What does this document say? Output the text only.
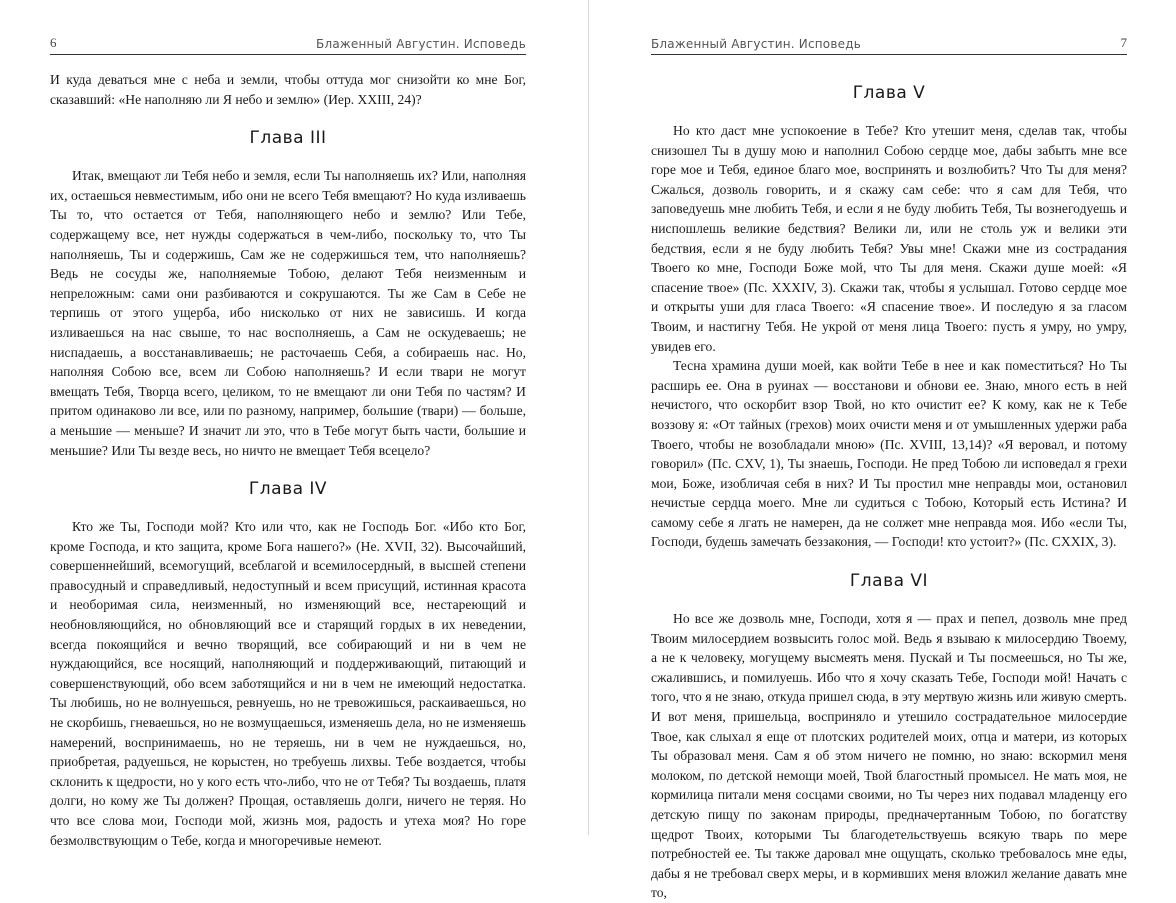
6	Блаженный Августин. Исповедь

И куда деваться мне с неба и земли, чтобы оттуда мог снизойти ко мне Бог, сказавший: «Не наполняю ли Я небо и землю» (Иер. XXIII, 24)?

Глава III

Итак, вмещают ли Тебя небо и земля, если Ты наполняешь их? Или, наполняя их, остаешься невместимым, ибо они не всего Тебя вмещают? Но куда изливаешь Ты то, что остается от Тебя, наполняющего небо и землю? Или Тебе, содержащему все, нет нужды содержаться в чем-либо, поскольку то, что Ты наполняешь, Ты и содержишь, Сам же не содержишься тем, что наполняешь? Ведь не сосуды же, наполняемые Тобою, делают Тебя неизменным и непреложным: сами они разбиваются и сокрушаются. Ты же Сам в Себе не терпишь от этого ущерба, ибо нисколько от них не зависишь. И когда изливаешься на нас свыше, то нас восполняешь, а Сам не оскудеваешь; не ниспадаешь, а восстанавливаешь; не расточаешь Себя, а собираешь нас. Но, наполняя Собою все, всем ли Собою наполняешь? И если твари не могут вмещать Тебя, Творца всего, целиком, то не вмещают ли они Тебя по частям? И притом одинаково ли все, или по разному, например, большие (твари) — больше, а меньшие — меньше? И значит ли это, что в Тебе могут быть части, большие и меньшие? Или Ты везде весь, но ничто не вмещает Тебя всецело?

Глава IV

Кто же Ты, Господи мой? Кто или что, как не Господь Бог. «Ибо кто Бог, кроме Господа, и кто защита, кроме Бога нашего?» (Нe. XVII, 32). Высочайший, совершеннейший, всемогущий, всеблагой и всемилосердный, в высшей степени правосудный и справедливый, недоступный и всем присущий, истинная красота и необоримая сила, неизменный, но изменяющий все, нестареющий и необновляющийся, но обновляющий все и старящий гордых в их неведении, всегда покоящийся и вечно творящий, все собирающий и ни в чем не нуждающийся, все носящий, наполняющий и поддерживающий, питающий и совершенствующий, обо всем заботящийся и ни в чем не имеющий недостатка. Ты любишь, но не волнуешься, ревнуешь, но не тревожишься, раскаиваешься, но не скорбишь, гневаешься, но не возмущаешься, изменяешь дела, но не изменяешь намерений, воспринимаешь, но не теряешь, ни в чем не нуждаешься, но, приобретая, радуешься, не корыстен, но требуешь лихвы. Тебе воздается, чтобы склонить к щедрости, но у кого есть что-либо, что не от Тебя? Ты воздаешь, платя долги, но кому же Ты должен? Прощая, оставляешь долги, ничего не теряя. Но что все слова мои, Господи мой, жизнь моя, радость и утеха моя? Но горе безмолвствующим о Тебе, когда и многоречивые немеют.

Блаженный Августин. Исповедь	7
Глава V

Но кто даст мне успокоение в Тебе? Кто утешит меня, сделав так, чтобы снизошел Ты в душу мою и наполнил Собою сердце мое, дабы забыть мне все горе мое и Тебя, единое благо мое, воспринять и возлюбить? Что Ты для меня? Сжалься, дозволь говорить, и я скажу сам себе: что я сам для Тебя, что заповедуешь мне любить Тебя, и если я не буду любить Тебя, Ты вознегодуешь и ниспошлешь великие бедствия? Велики ли, или не столь уж и велики эти бедствия, если я не буду любить Тебя? Увы мне! Скажи мне из сострадания Твоего ко мне, Господи Боже мой, что Ты для меня. Скажи душе моей: «Я спасение твое» (Пс. XXXIV, 3). Скажи так, чтобы я услышал. Готово сердце мое и открыты уши для гласа Твоего: «Я спасение твое». И последую я за гласом Твоим, и настигну Тебя. Не укрой от меня лица Твоего: пусть я умру, но умру, увидев его.

Тесна храмина души моей, как войти Тебе в нее и как поместиться? Но Ты расширь ее. Она в руинах — восстанови и обнови ее. Знаю, много есть в ней нечистого, что оскорбит взор Твой, но кто очистит ее? К кому, как не к Тебе воззову я: «От тайных (грехов) моих очисти меня и от умышленных удержи раба Твоего, чтобы не возобладали мною» (Пс. XVIII, 13,14)? «Я веровал, и потому говорил» (Пс. CXV, 1), Ты знаешь, Господи. Не пред Тобою ли исповедал я грехи мои, Боже, изобличая себя в них? И Ты простил мне неправды мои, остановил нечистые сердца моего. Мне ли судиться с Тобою, Который есть Истина? И самому себе я лгать не намерен, да не солжет мне неправда моя. Ибо «если Ты, Господи, будешь замечать беззакония, — Господи! кто устоит?» (Пс. CXXIX, 3).

Глава VI

Но все же дозволь мне, Господи, хотя я — прах и пепел, дозволь мне пред Твоим милосердием возвысить голос мой. Ведь я взываю к милосердию Твоему, а не к человеку, могущему высмеять меня. Пускай и Ты посмеешься, но Ты же, сжалившись, и помилуешь. Ибо что я хочу сказать Тебе, Господи мой! Начать с того, что я не знаю, откуда пришел сюда, в эту мертвую жизнь или живую смерть. И вот меня, пришельца, восприняло и утешило сострадательное милосердие Твое, как слыхал я еще от плотских родителей моих, отца и матери, из которых Ты образовал меня. Сам я об этом ничего не помню, но знаю: вскормил меня молоком, по детской немощи моей, Твой благостный промысел. Не мать моя, не кормилица питали меня сосцами своими, но Ты через них подавал младенцу его детскую пищу по законам природы, предначертанным Тобою, по богатству щедрот Твоих, которыми Ты благодетельствуешь всякую тварь по мере потребностей ее. Ты также даровал мне ощущать, сколько требовалось мне еды, дабы я не требовал сверх меры, и в кормивших меня вложил желание давать мне то,
